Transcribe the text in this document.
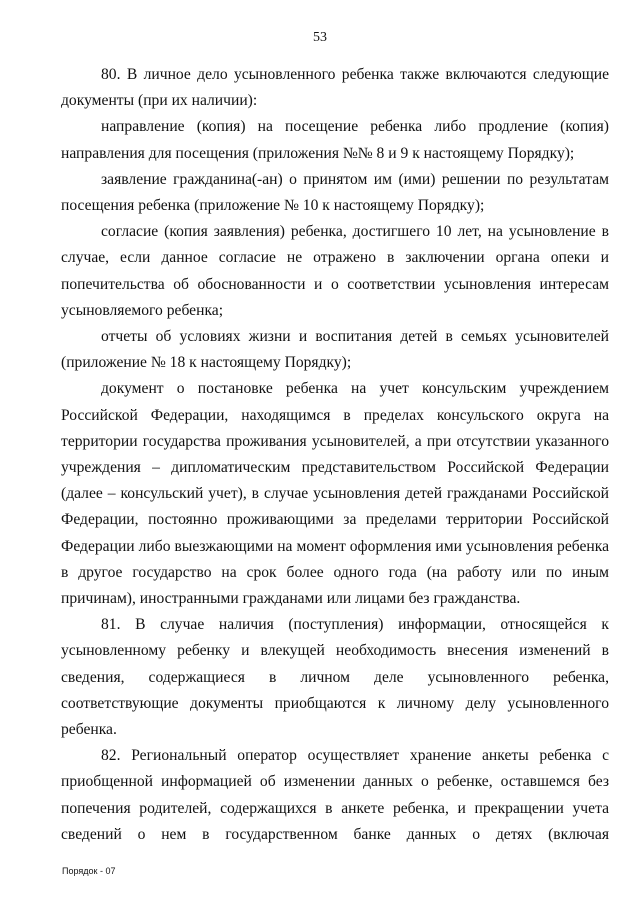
53

80. В личное дело усыновленного ребенка также включаются следующие документы (при их наличии):

направление (копия) на посещение ребенка либо продление (копия) направления для посещения (приложения №№ 8 и 9 к настоящему Порядку);

заявление гражданина(-ан) о принятом им (ими) решении по результатам посещения ребенка (приложение № 10 к настоящему Порядку);

согласие (копия заявления) ребенка, достигшего 10 лет, на усыновление в случае, если данное согласие не отражено в заключении органа опеки и попечительства об обоснованности и о соответствии усыновления интересам усыновляемого ребенка;

отчеты об условиях жизни и воспитания детей в семьях усыновителей (приложение № 18 к настоящему Порядку);

документ о постановке ребенка на учет консульским учреждением Российской Федерации, находящимся в пределах консульского округа на территории государства проживания усыновителей, а при отсутствии указанного учреждения – дипломатическим представительством Российской Федерации (далее – консульский учет), в случае усыновления детей гражданами Российской Федерации, постоянно проживающими за пределами территории Российской Федерации либо выезжающими на момент оформления ими усыновления ребенка в другое государство на срок более одного года (на работу или по иным причинам), иностранными гражданами или лицами без гражданства.

81. В случае наличия (поступления) информации, относящейся к усыновленному ребенку и влекущей необходимость внесения изменений в сведения, содержащиеся в личном деле усыновленного ребенка, соответствующие документы приобщаются к личному делу усыновленного ребенка.

82. Региональный оператор осуществляет хранение анкеты ребенка с приобщенной информацией об изменении данных о ребенке, оставшемся без попечения родителей, содержащихся в анкете ребенка, и прекращении учета сведений о нем в государственном банке данных о детях (включая

Порядок - 07
